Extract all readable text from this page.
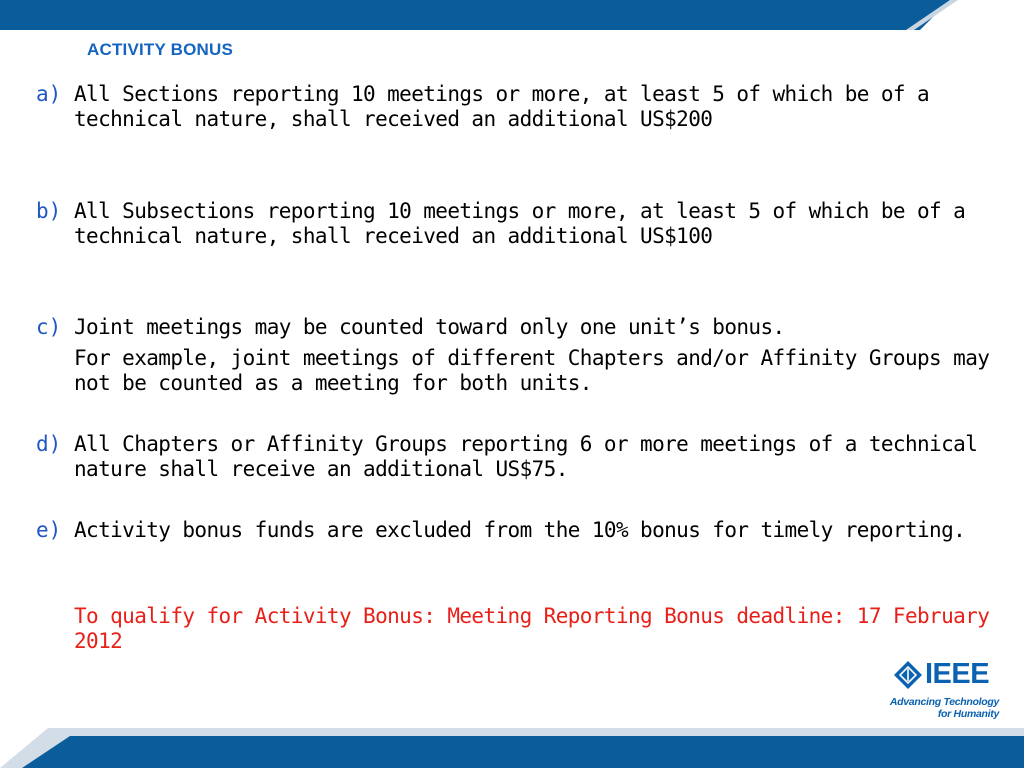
ACTIVITY BONUS
a) All Sections reporting 10 meetings or more, at least 5 of which be of a technical nature, shall received an additional US$200

b) All Subsections reporting 10 meetings or more, at least 5 of which be of a technical nature, shall received an additional US$100

c) Joint meetings may be counted toward only one unit’s bonus.

For example, joint meetings of different Chapters and/or Affinity Groups may not be counted as a meeting for both units.

d) All Chapters or Affinity Groups reporting 6 or more meetings of a technical nature shall receive an additional US$75.

e) Activity bonus funds are excluded from the 10% bonus for timely reporting.

To qualify for Activity Bonus: Meeting Reporting Bonus deadline: 17 February 2012

IEEE
Advancing Technology
for Humanity
